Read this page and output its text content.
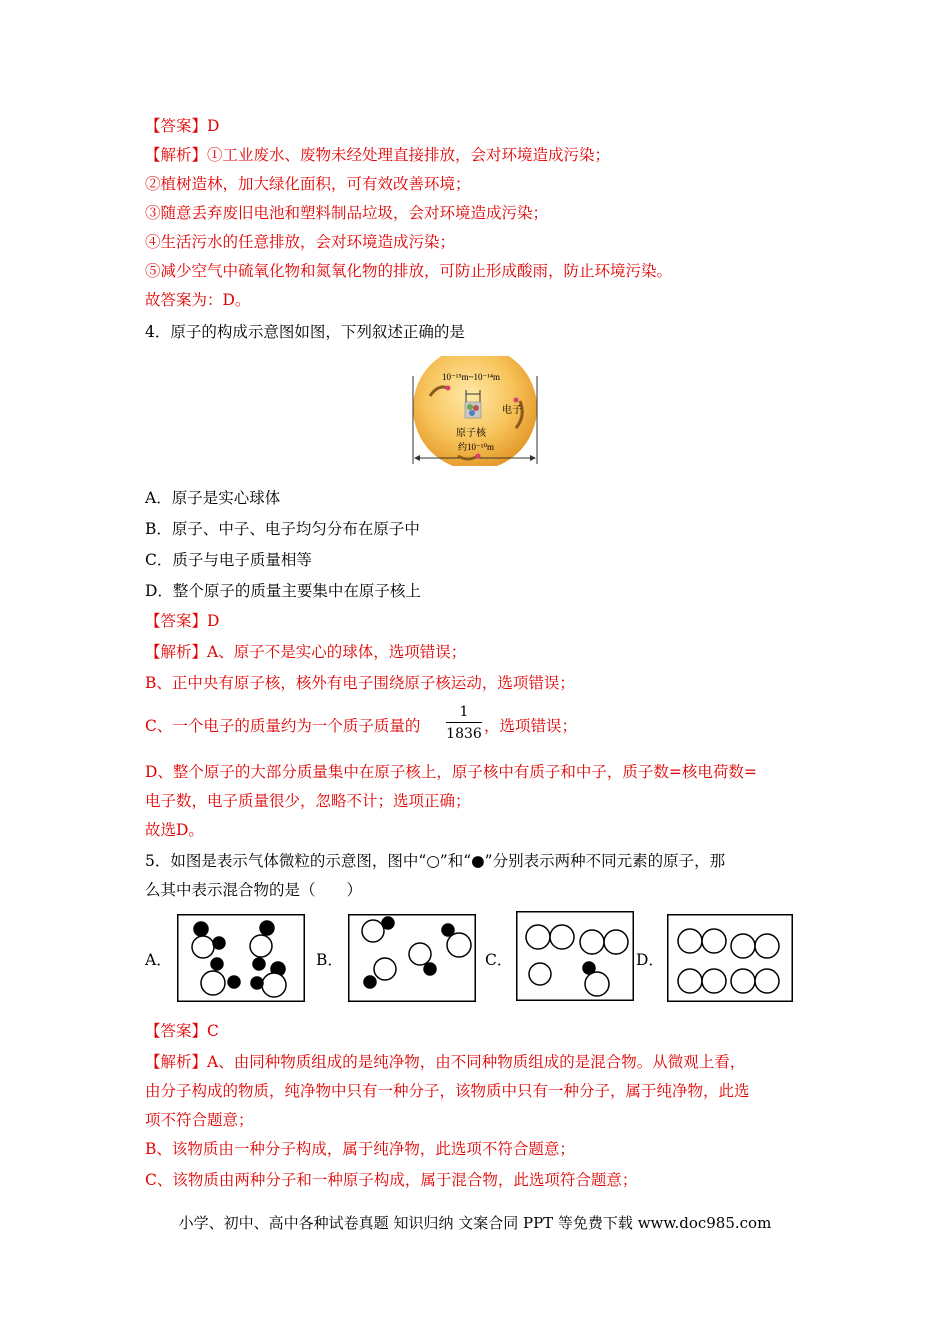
【答案】D
【解析】①工业废水、废物未经处理直接排放，会对环境造成污染；
②植树造林，加大绿化面积，可有效改善环境；
③随意丢弃废旧电池和塑料制品垃圾，会对环境造成污染；
④生活污水的任意排放，会对环境造成污染；
⑤减少空气中硫氧化物和氮氧化物的排放，可防止形成酸雨，防止环境污染。
故答案为：D。
4．原子的构成示意图如图，下列叙述正确的是
10⁻¹⁵m~10⁻¹⁴m
电子
原子核
约10⁻¹⁰m
A．原子是实心球体
B．原子、中子、电子均匀分布在原子中
C．质子与电子质量相等
D．整个原子的质量主要集中在原子核上
【答案】D
【解析】A、原子不是实心的球体，选项错误；
B、正中央有原子核，核外有电子围绕原子核运动，选项错误；
C、一个电子的质量约为一个质子质量的
1
1836 ，选项错误；
D、整个原子的大部分质量集中在原子核上，原子核中有质子和中子，质子数=核电荷数=
电子数，电子质量很少，忽略不计；选项正确；
故选D。
5．如图是表示气体微粒的示意图，图中“○”和“●”分别表示两种不同元素的原子，那
么其中表示混合物的是（　　）
A．	B．	C．	D．
【答案】C
【解析】A、由同种物质组成的是纯净物，由不同种物质组成的是混合物。从微观上看，
由分子构成的物质，纯净物中只有一种分子，该物质中只有一种分子，属于纯净物，此选
项不符合题意；
B、该物质由一种分子构成，属于纯净物，此选项不符合题意；
C、该物质由两种分子和一种原子构成，属于混合物，此选项符合题意；
小学、初中、高中各种试卷真题 知识归纳 文案合同 PPT 等免费下载 www.doc985.com
